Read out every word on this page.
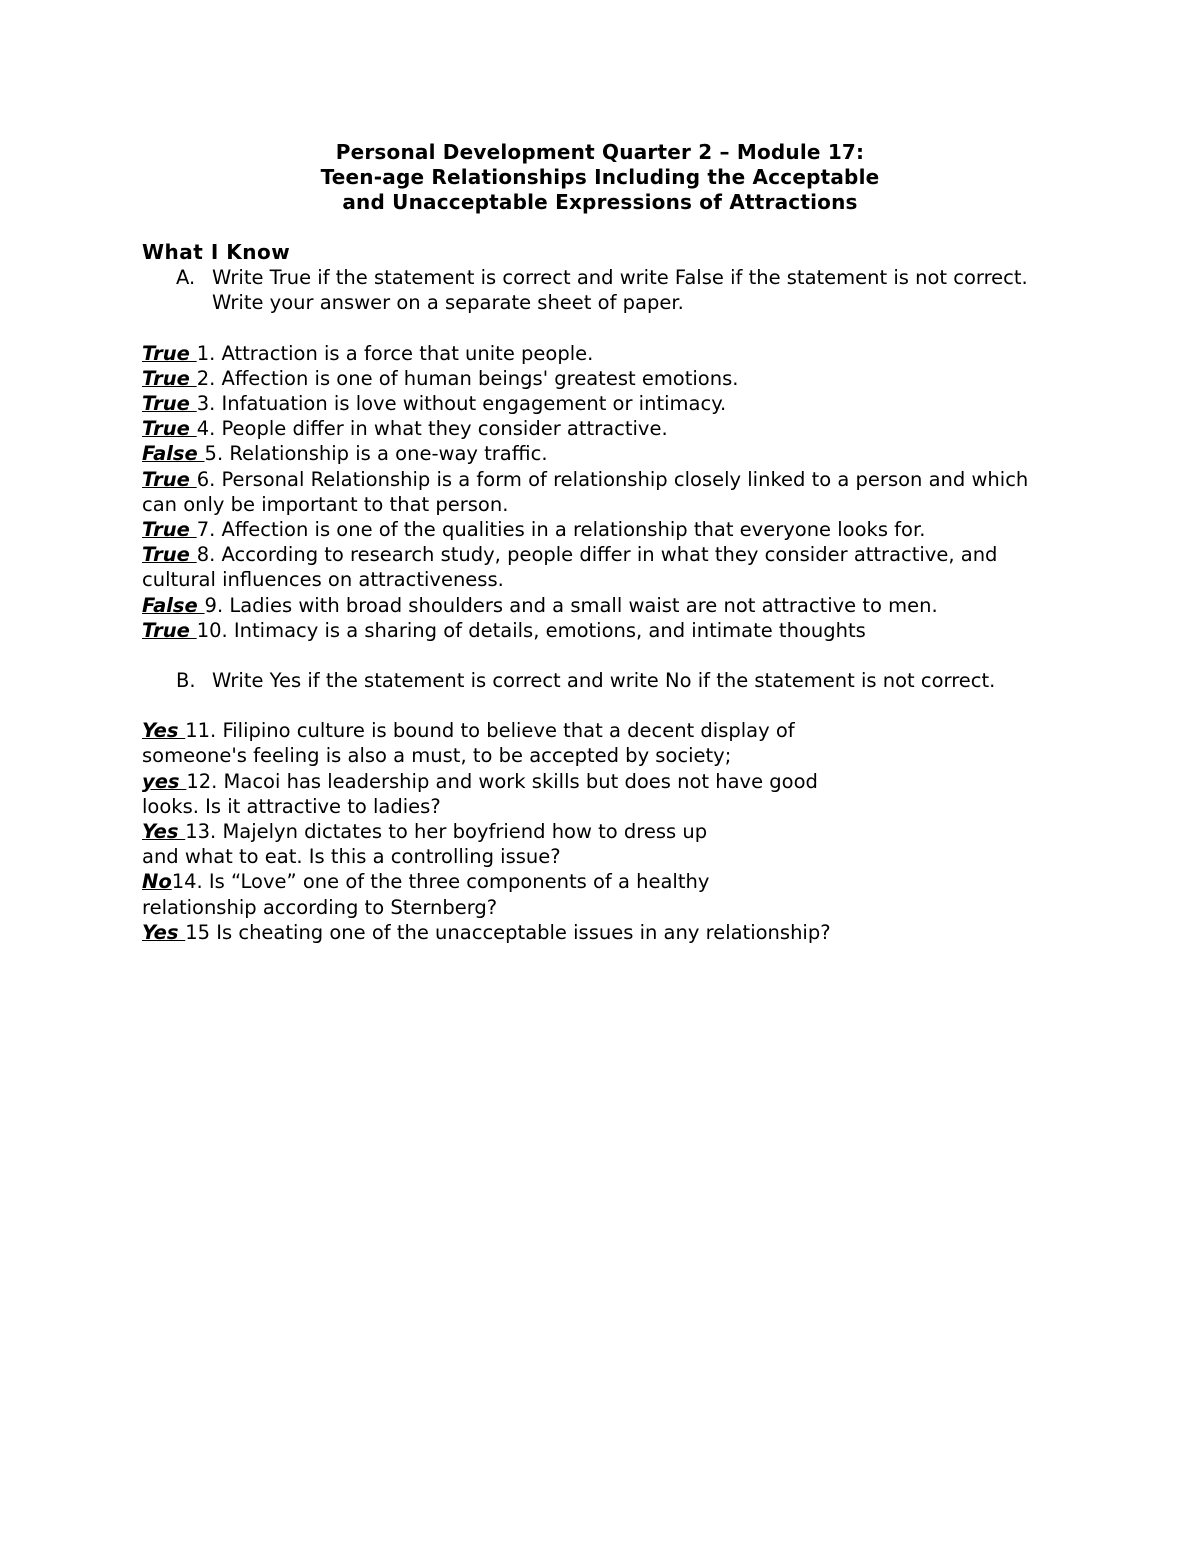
Personal Development Quarter 2 – Module 17:
Teen-age Relationships Including the Acceptable
and Unacceptable Expressions of Attractions
What I Know
A. Write True if the statement is correct and write False if the statement is not correct. Write your answer on a separate sheet of paper.
True 1. Attraction is a force that unite people.
True 2. Affection is one of human beings' greatest emotions.
True 3. Infatuation is love without engagement or intimacy.
True 4. People differ in what they consider attractive.
False 5. Relationship is a one-way traffic.
True 6. Personal Relationship is a form of relationship closely linked to a person and which can only be important to that person.
True 7. Affection is one of the qualities in a relationship that everyone looks for.
True 8. According to research study, people differ in what they consider attractive, and cultural influences on attractiveness.
False 9. Ladies with broad shoulders and a small waist are not attractive to men.
True 10. Intimacy is a sharing of details, emotions, and intimate thoughts
B. Write Yes if the statement is correct and write No if the statement is not correct.
Yes 11. Filipino culture is bound to believe that a decent display of
someone's feeling is also a must, to be accepted by society;
yes 12. Macoi has leadership and work skills but does not have good
looks. Is it attractive to ladies?
Yes 13. Majelyn dictates to her boyfriend how to dress up
and what to eat. Is this a controlling issue?
No14. Is “Love” one of the three components of a healthy
relationship according to Sternberg?
Yes 15 Is cheating one of the unacceptable issues in any relationship?
